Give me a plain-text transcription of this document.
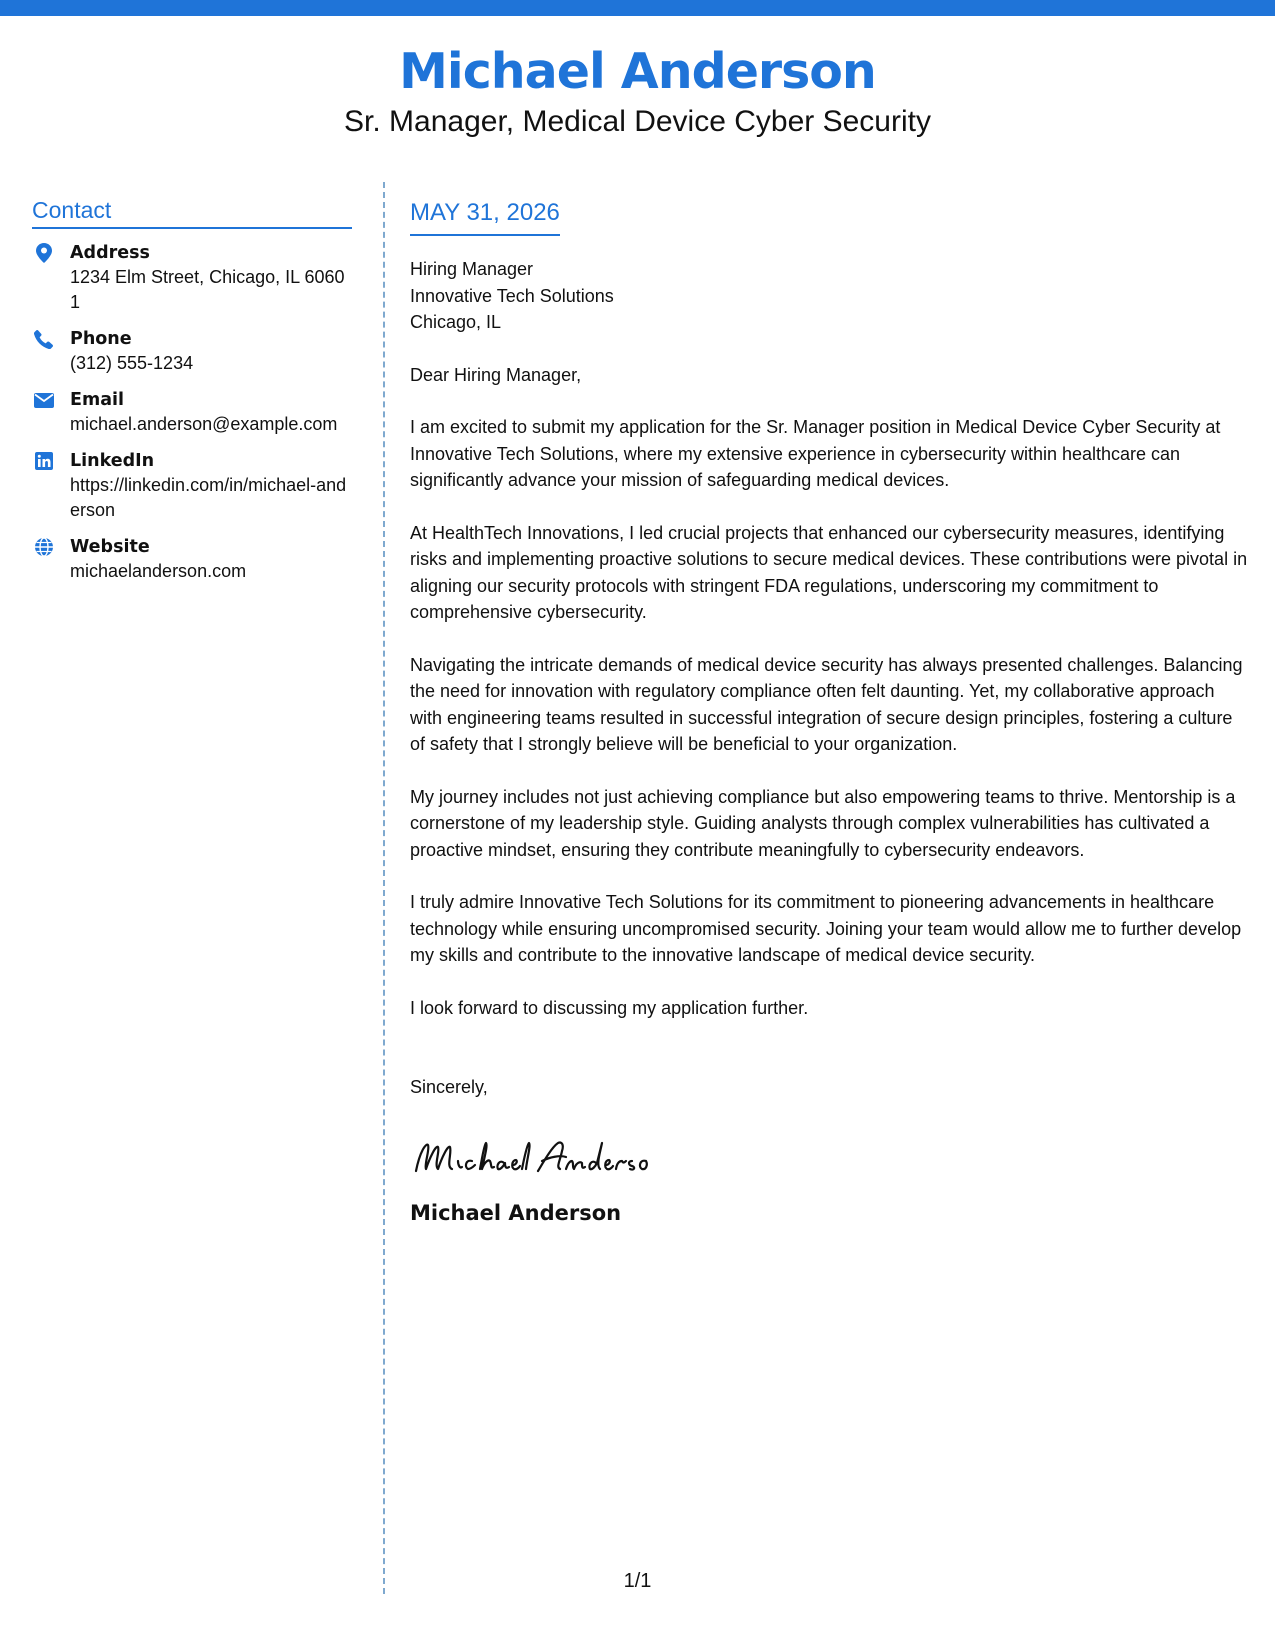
Michael Anderson
Sr. Manager, Medical Device Cyber Security
Contact
Address
1234 Elm Street, Chicago, IL 60601
Phone
(312) 555-1234
Email
michael.anderson@example.com
LinkedIn
https://linkedin.com/in/michael-anderson
Website
michaelanderson.com
MAY 31, 2026
Hiring Manager
Innovative Tech Solutions
Chicago, IL
Dear Hiring Manager,
I am excited to submit my application for the Sr. Manager position in Medical Device Cyber Security at Innovative Tech Solutions, where my extensive experience in cybersecurity within healthcare can significantly advance your mission of safeguarding medical devices.
At HealthTech Innovations, I led crucial projects that enhanced our cybersecurity measures, identifying risks and implementing proactive solutions to secure medical devices. These contributions were pivotal in aligning our security protocols with stringent FDA regulations, underscoring my commitment to comprehensive cybersecurity.
Navigating the intricate demands of medical device security has always presented challenges. Balancing the need for innovation with regulatory compliance often felt daunting. Yet, my collaborative approach with engineering teams resulted in successful integration of secure design principles, fostering a culture of safety that I strongly believe will be beneficial to your organization.
My journey includes not just achieving compliance but also empowering teams to thrive. Mentorship is a cornerstone of my leadership style. Guiding analysts through complex vulnerabilities has cultivated a proactive mindset, ensuring they contribute meaningfully to cybersecurity endeavors.
I truly admire Innovative Tech Solutions for its commitment to pioneering advancements in healthcare technology while ensuring uncompromised security. Joining your team would allow me to further develop my skills and contribute to the innovative landscape of medical device security.
I look forward to discussing my application further.
Sincerely,
Michael Anderson
1/1
